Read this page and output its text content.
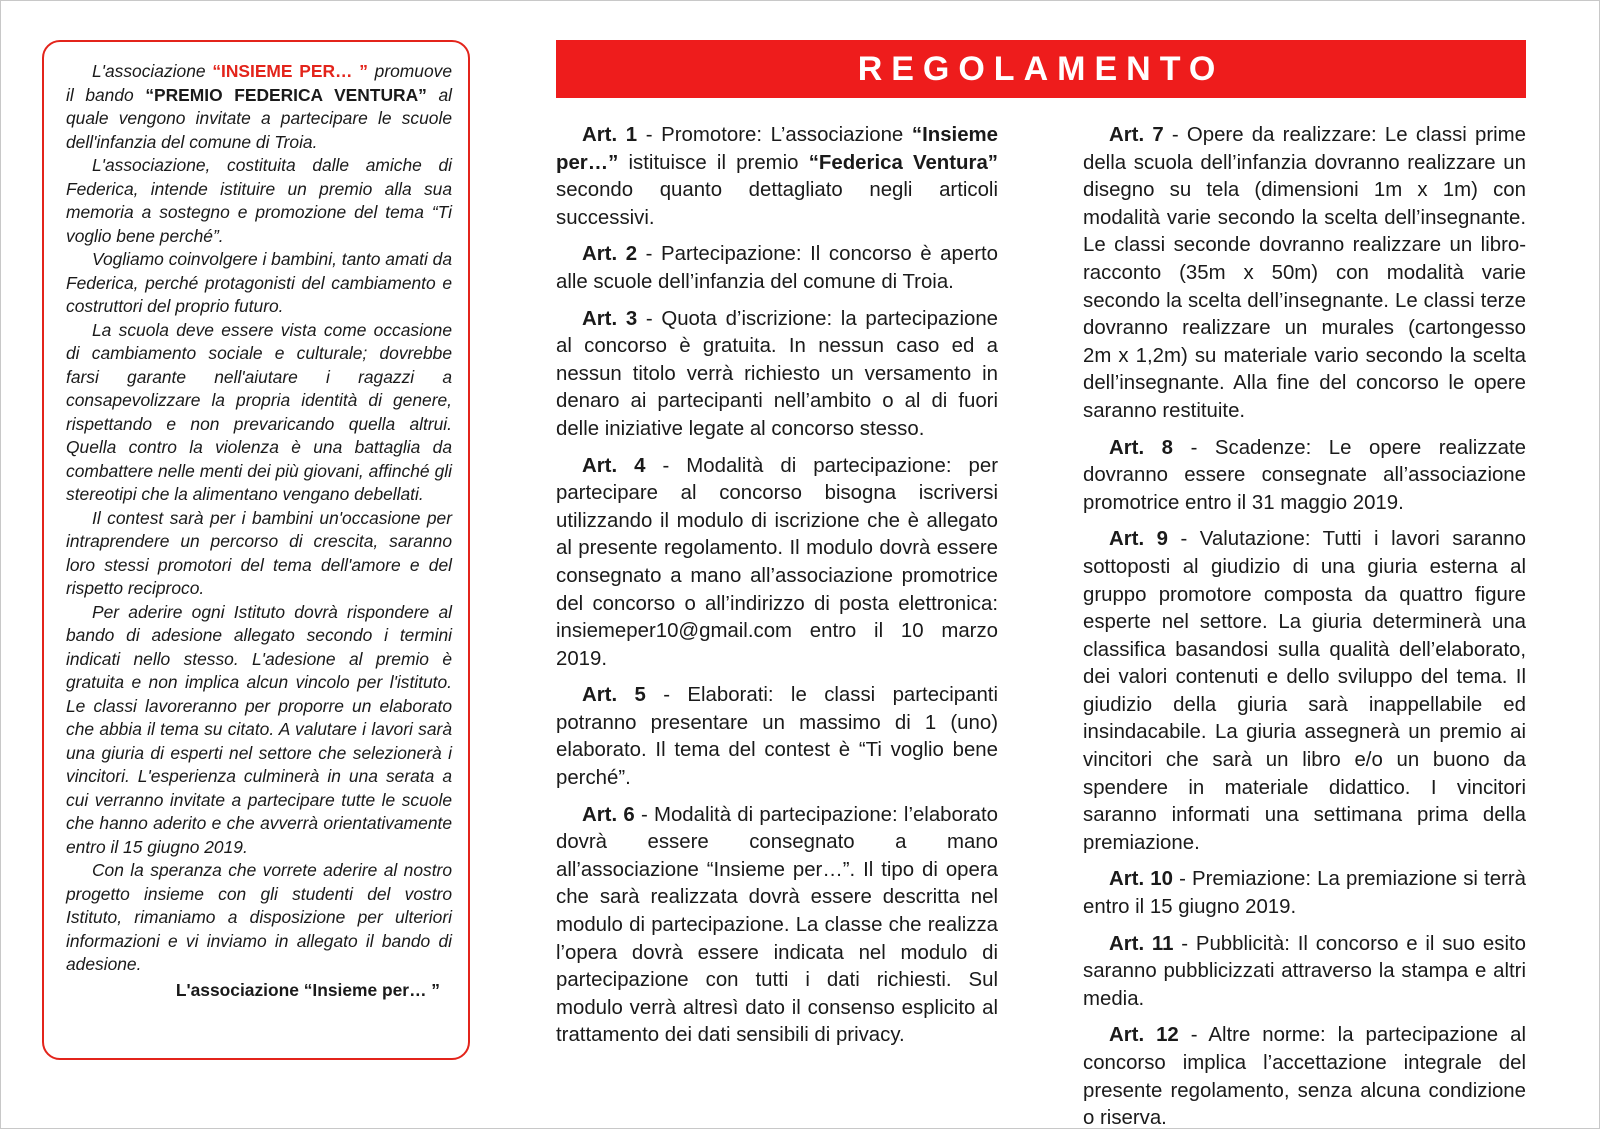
L'associazione “INSIEME PER… ” promuove il bando “PREMIO FEDERICA VENTURA” al quale vengono invitate a partecipare le scuole dell'infanzia del comune di Troia.

L'associazione, costituita dalle amiche di Federica, intende istituire un premio alla sua memoria a sostegno e promozione del tema “Ti voglio bene perché”.

Vogliamo coinvolgere i bambini, tanto amati da Federica, perché protagonisti del cambiamento e costruttori del proprio futuro.

La scuola deve essere vista come occasione di cambiamento sociale e culturale; dovrebbe farsi garante nell'aiutare i ragazzi a consapevolizzare la propria identità di genere, rispettando e non prevaricando quella altrui. Quella contro la violenza è una battaglia da combattere nelle menti dei più giovani, affinché gli stereotipi che la alimentano vengano debellati.

Il contest sarà per i bambini un'occasione per intraprendere un percorso di crescita, saranno loro stessi promotori del tema dell'amore e del rispetto reciproco.

Per aderire ogni Istituto dovrà rispondere al bando di adesione allegato secondo i termini indicati nello stesso. L'adesione al premio è gratuita e non implica alcun vincolo per l'istituto. Le classi lavoreranno per proporre un elaborato che abbia il tema su citato. A valutare i lavori sarà una giuria di esperti nel settore che selezionerà i vincitori. L'esperienza culminerà in una serata a cui verranno invitate a partecipare tutte le scuole che hanno aderito e che avverrà orientativamente entro il 15 giugno 2019.

Con la speranza che vorrete aderire al nostro progetto insieme con gli studenti del vostro Istituto, rimaniamo a disposizione per ulteriori informazioni e vi inviamo in allegato il bando di adesione.

L'associazione “Insieme per… ”

REGOLAMENTO

Art. 1 - Promotore: L’associazione “Insieme per…” istituisce il premio “Federica Ventura” secondo quanto dettagliato negli articoli successivi.

Art. 2 - Partecipazione: Il concorso è aperto alle scuole dell’infanzia del comune di Troia.

Art. 3 - Quota d’iscrizione: la partecipazione al concorso è gratuita. In nessun caso ed a nessun titolo verrà richiesto un versamento in denaro ai partecipanti nell’ambito o al di fuori delle iniziative legate al concorso stesso.

Art. 4 - Modalità di partecipazione: per partecipare al concorso bisogna iscriversi utilizzando il modulo di iscrizione che è allegato al presente regolamento. Il modulo dovrà essere consegnato a mano all’associazione promotrice del concorso o all’indirizzo di posta elettronica: insiemeper10@gmail.com entro il 10 marzo 2019.

Art. 5 - Elaborati: le classi partecipanti potranno presentare un massimo di 1 (uno) elaborato. Il tema del contest è “Ti voglio bene perché”.

Art. 6 - Modalità di partecipazione: l’elaborato dovrà essere consegnato a mano all’associazione “Insieme per…”. Il tipo di opera che sarà realizzata dovrà essere descritta nel modulo di partecipazione. La classe che realizza l’opera dovrà essere indicata nel modulo di partecipazione con tutti i dati richiesti. Sul modulo verrà altresì dato il consenso esplicito al trattamento dei dati sensibili di privacy.

Art. 7 - Opere da realizzare: Le classi prime della scuola dell’infanzia dovranno realizzare un disegno su tela (dimensioni 1m x 1m) con modalità varie secondo la scelta dell’insegnante. Le classi seconde dovranno realizzare un libro-racconto (35m x 50m) con modalità varie secondo la scelta dell’insegnante. Le classi terze dovranno realizzare un murales (cartongesso 2m x 1,2m) su materiale vario secondo la scelta dell’insegnante. Alla fine del concorso le opere saranno restituite.

Art. 8 - Scadenze: Le opere realizzate dovranno essere consegnate all’associazione promotrice entro il 31 maggio 2019.

Art. 9 - Valutazione: Tutti i lavori saranno sottoposti al giudizio di una giuria esterna al gruppo promotore composta da quattro figure esperte nel settore. La giuria determinerà una classifica basandosi sulla qualità dell’elaborato, dei valori contenuti e dello sviluppo del tema. Il giudizio della giuria sarà inappellabile ed insindacabile. La giuria assegnerà un premio ai vincitori che sarà un libro e/o un buono da spendere in materiale didattico. I vincitori saranno informati una settimana prima della premiazione.

Art. 10 - Premiazione: La premiazione si terrà entro il 15 giugno 2019.

Art. 11 - Pubblicità: Il concorso e il suo esito saranno pubblicizzati attraverso la stampa e altri media.

Art. 12 - Altre norme: la partecipazione al concorso implica l’accettazione integrale del presente regolamento, senza alcuna condizione o riserva.
